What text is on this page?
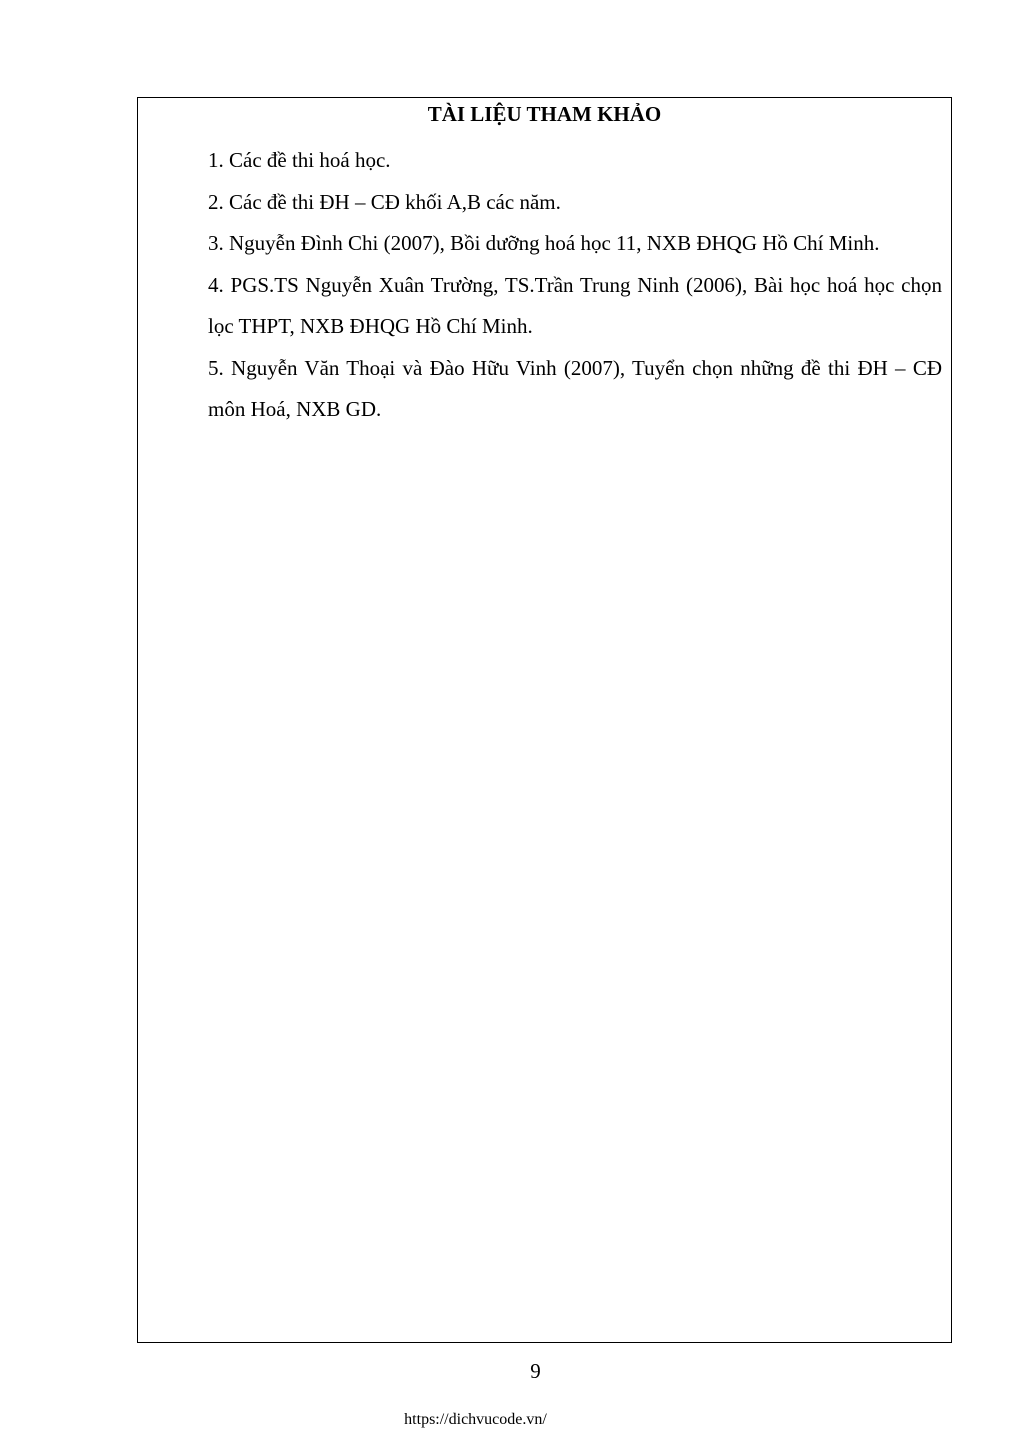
TÀI LIỆU THAM KHẢO
1. Các đề thi hoá học.
2. Các đề thi ĐH – CĐ khối A,B các năm.
3. Nguyễn Đình Chi (2007), Bồi dưỡng hoá học 11, NXB ĐHQG Hồ Chí Minh.
4. PGS.TS Nguyễn Xuân Trường, TS.Trần Trung Ninh (2006), Bài học hoá học chọn lọc THPT, NXB ĐHQG Hồ Chí Minh.
5. Nguyễn Văn Thoại và Đào Hữu Vinh (2007), Tuyển chọn những đề thi ĐH – CĐ môn Hoá, NXB GD.
9
https://dichvucode.vn/
